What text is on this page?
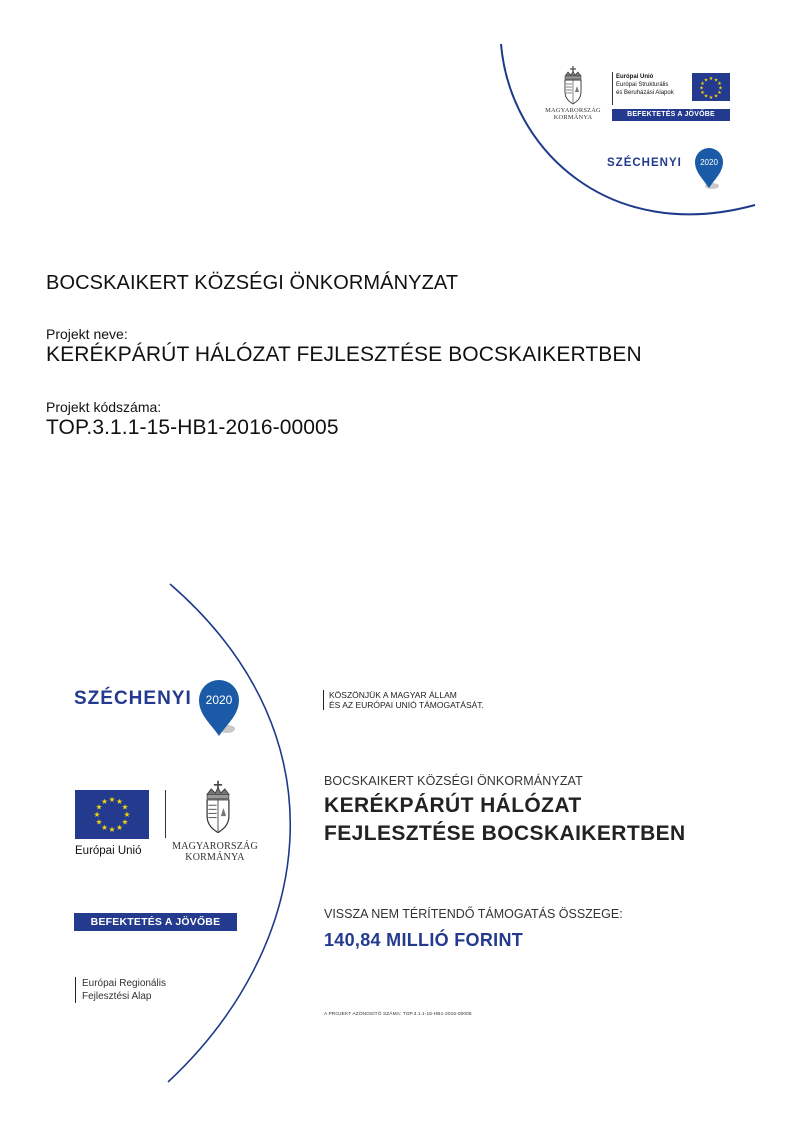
MAGYARORSZÁG
KORMÁNYA
Európai Unió
Európai Strukturális
és Beruházási Alapok
★ ★
★
★
★
★
★
★
★
★
★
★
BEFEKTETÉS A JÖVŐBE
SZÉCHENYI 2020
BOCSKAIKERT KÖZSÉGI ÖNKORMÁNYZAT
Projekt neve:
KERÉKPÁRÚT HÁLÓZAT FEJLESZTÉSE BOCSKAIKERTBEN
Projekt kódszáma:
TOP.3.1.1-15-HB1-2016-00005
SZÉCHENYI 2020
★ ★
★
★
★
★
★
★
★
★
★
★
Európai Unió	MAGYARORSZÁG
KORMÁNYA
BEFEKTETÉS A JÖVŐBE
Európai Regionális
Fejlesztési Alap
KÖSZÖNJÜK A MAGYAR ÁLLAM
ÉS AZ EURÓPAI UNIÓ TÁMOGATÁSÁT.
BOCSKAIKERT KÖZSÉGI ÖNKORMÁNYZAT
KERÉKPÁRÚT HÁLÓZAT
FEJLESZTÉSE BOCSKAIKERTBEN
VISSZA NEM TÉRÍTENDŐ TÁMOGATÁS ÖSSZEGE:
140,84 MILLIÓ FORINT
A PROJEKT AZONOSÍTÓ SZÁMA: TOP.3.1.1-15-HB1-2016-00005
